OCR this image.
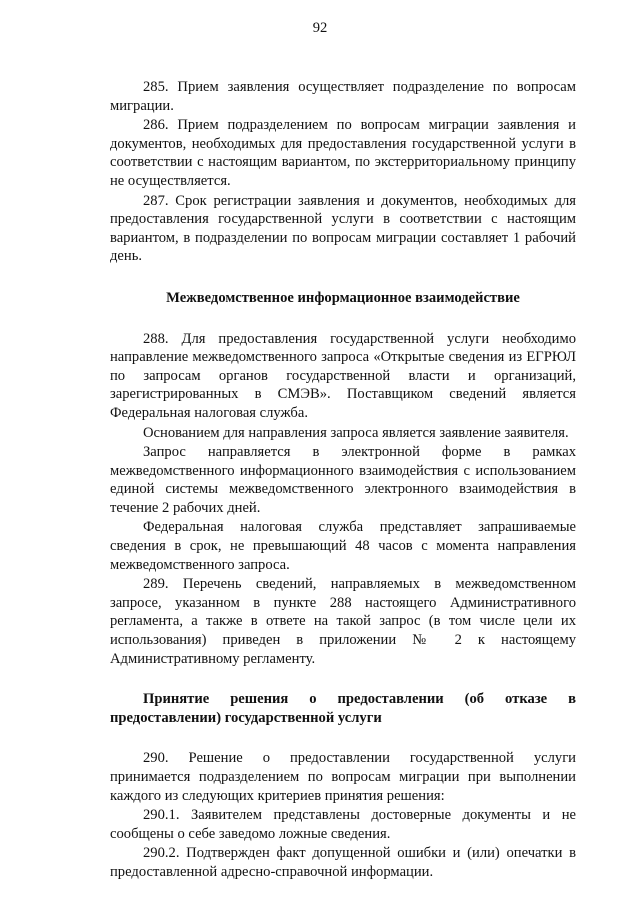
92

285. Прием заявления осуществляет подразделение по вопросам миграции.

286. Прием подразделением по вопросам миграции заявления и документов, необходимых для предоставления государственной услуги в соответствии с настоящим вариантом, по экстерриториальному принципу не осуществляется.

287. Срок регистрации заявления и документов, необходимых для предоставления государственной услуги в соответствии с настоящим вариантом, в подразделении по вопросам миграции составляет 1 рабочий день.

Межведомственное информационное взаимодействие

288. Для предоставления государственной услуги необходимо направление межведомственного запроса «Открытые сведения из ЕГРЮЛ по запросам органов государственной власти и организаций, зарегистрированных в СМЭВ». Поставщиком сведений является Федеральная налоговая служба.

Основанием для направления запроса является заявление заявителя.

Запрос направляется в электронной форме в рамках межведомственного информационного взаимодействия с использованием единой системы межведомственного электронного взаимодействия в течение 2 рабочих дней.

Федеральная налоговая служба представляет запрашиваемые сведения в срок, не превышающий 48 часов с момента направления межведомственного запроса.

289. Перечень сведений, направляемых в межведомственном запросе, указанном в пункте 288 настоящего Административного регламента, а также в ответе на такой запрос (в том числе цели их использования) приведен в приложении № 2 к настоящему Административному регламенту.

Принятие решения о предоставлении (об отказе в предоставлении) государственной услуги

290. Решение о предоставлении государственной услуги принимается подразделением по вопросам миграции при выполнении каждого из следующих критериев принятия решения:

290.1. Заявителем представлены достоверные документы и не сообщены о себе заведомо ложные сведения.

290.2. Подтвержден факт допущенной ошибки и (или) опечатки в предоставленной адресно-справочной информации.
